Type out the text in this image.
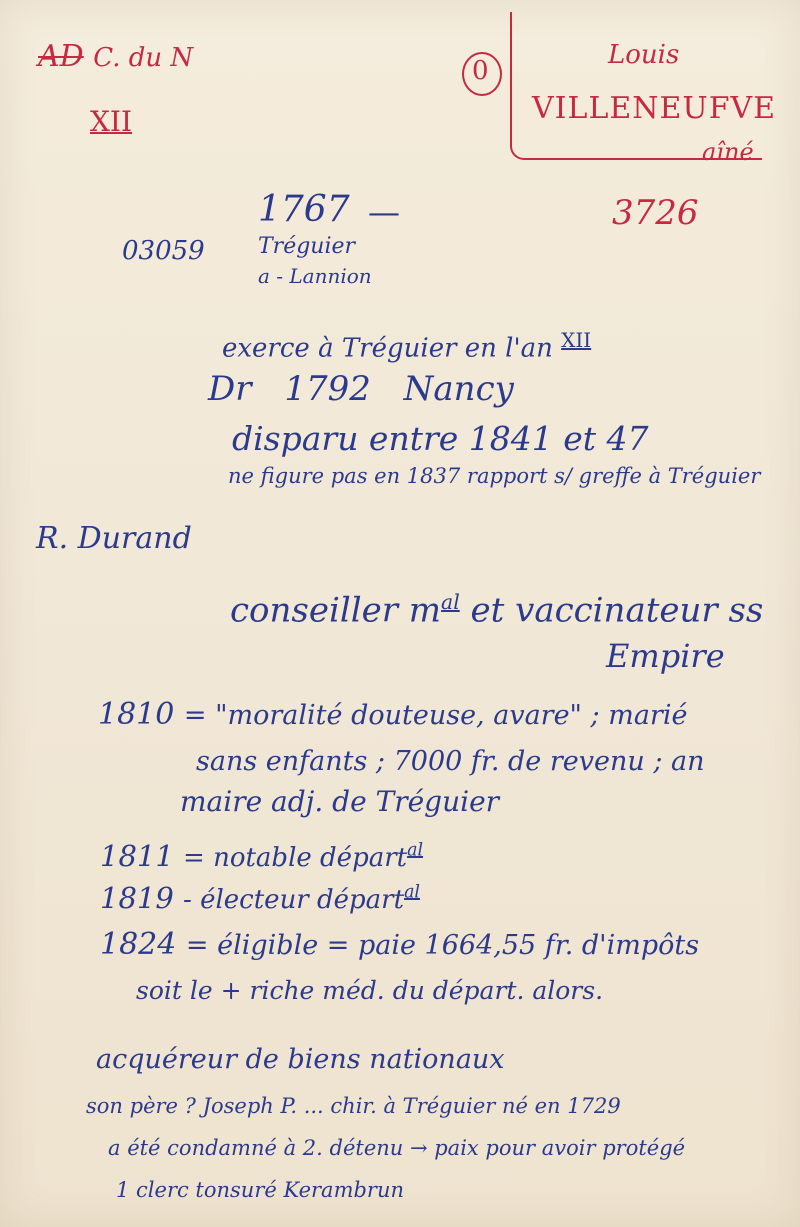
AD C. du N
XII
0
Louis
VILLENEUFVE
aîné
1767 —	3726
03059 Tréguier
a - Lannion
exerce à Tréguier en l'an $^{XII}$
Dr 1792 Nancy
disparu entre 1841 et 47
ne figure pas en 1837 rapport s/ greffe à Tréguier
R. Durand
conseiller $m^{al}$ et vaccinateur ss
Empire
1810 = "moralité douteuse, avare" ; marié
sans enfants ; 7000 fr. de revenu ; an
maire adj. de Tréguier
1811 = notable départ$^{al}$
1819 - électeur départ$^{al}$
1824 = éligible = paie 1664,55 fr. d'impôts
soit le + riche méd. du départ. alors.
acquéreur de biens nationaux
son père ? Joseph P. ... chir. à Tréguier né en 1729
a été condamné à 2. détenu → paix pour avoir protégé
1 clerc tonsuré Kerambrun
